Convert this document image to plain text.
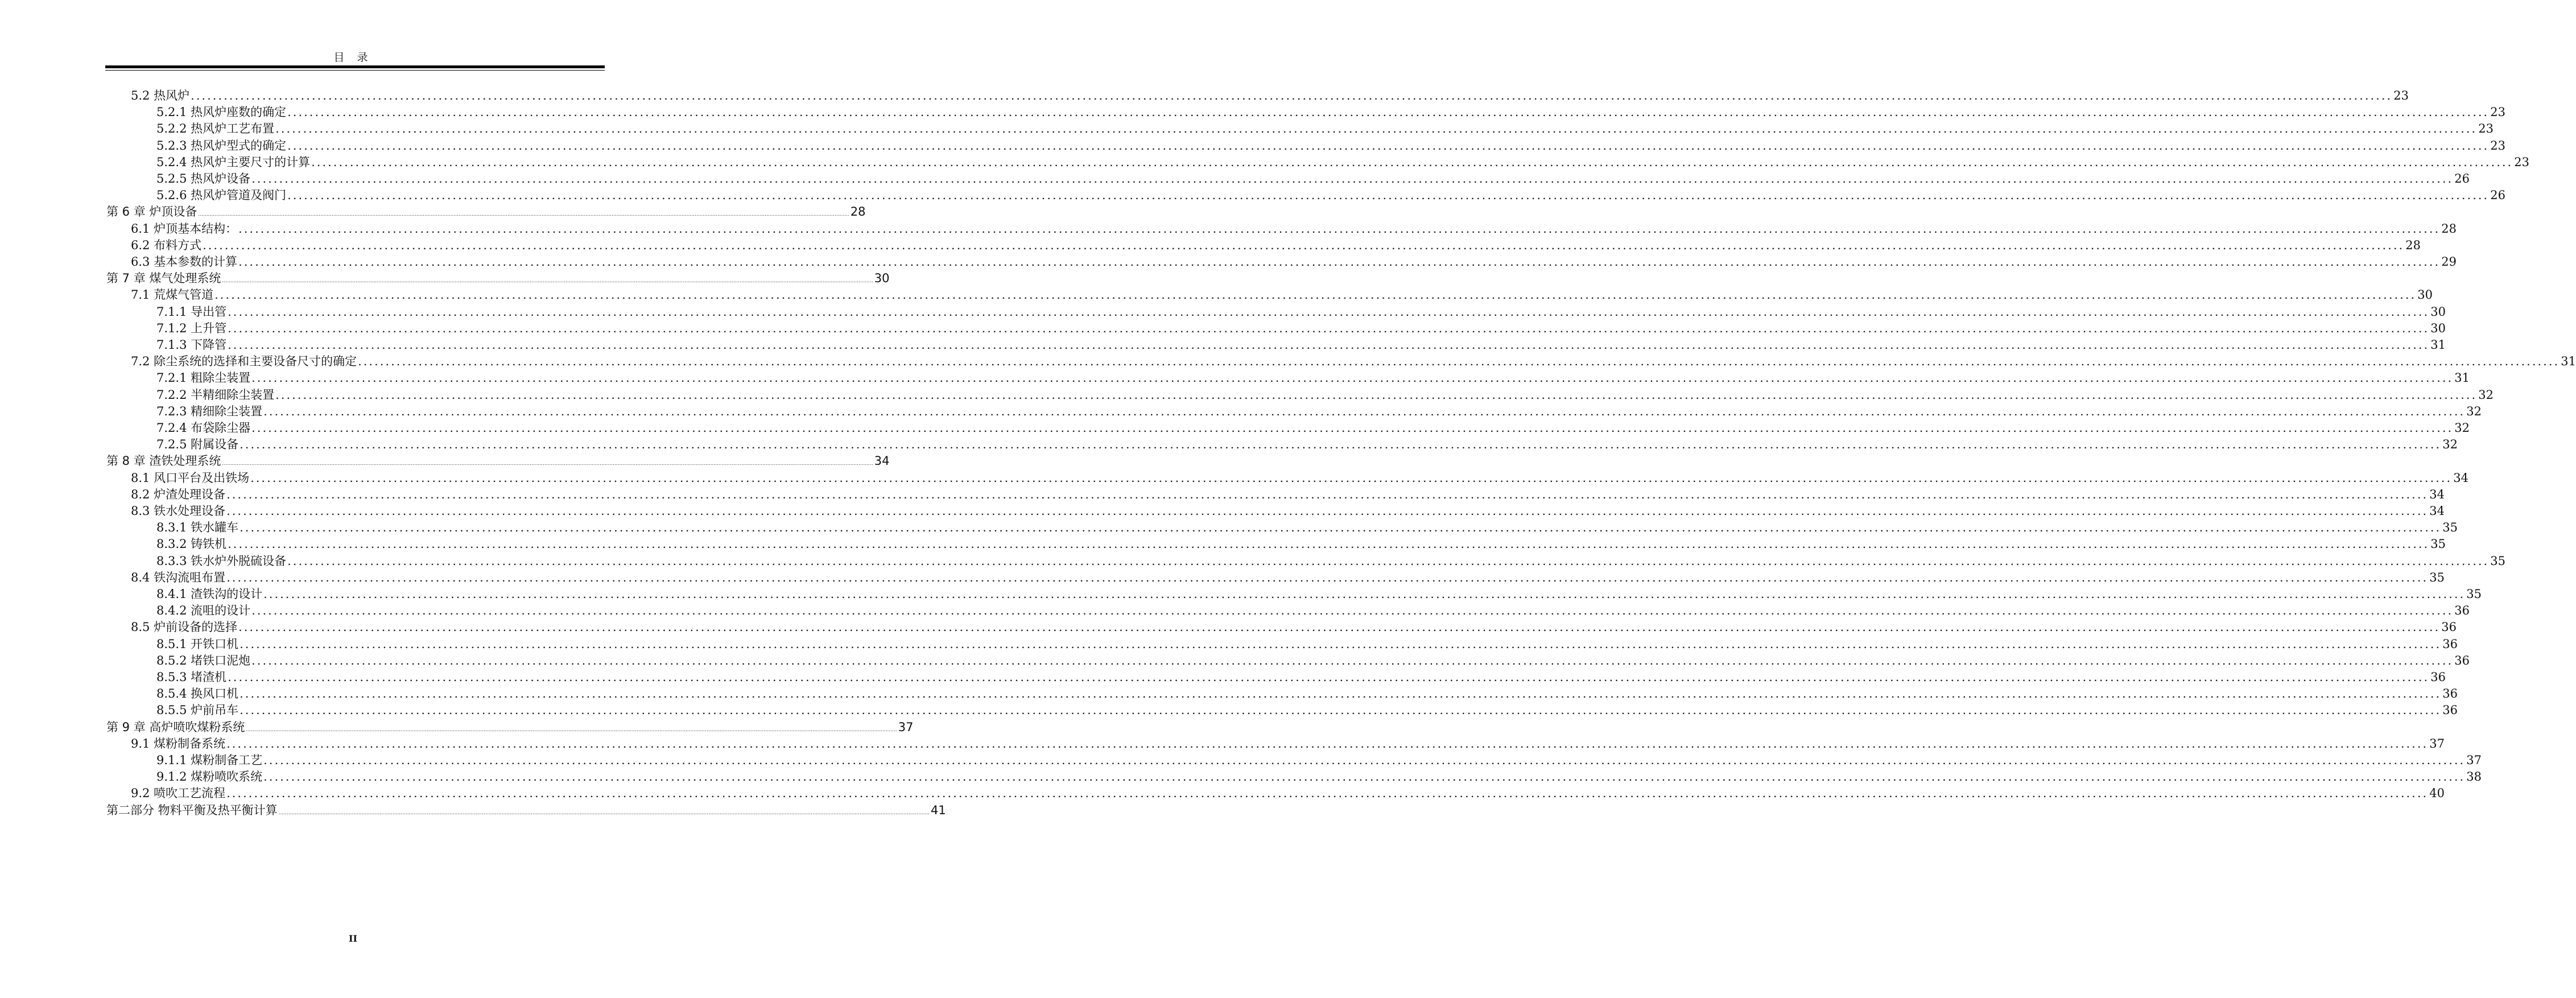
目 录
5.2 热风炉 ................................................................................................................................................................................................................................................................................................................................................................................................................ 23
5.2.1 热风炉座数的确定 ................................................................................................................................................................................................................................................................................................................................................................................................................ 23
5.2.2 热风炉工艺布置 ................................................................................................................................................................................................................................................................................................................................................................................................................ 23
5.2.3 热风炉型式的确定 ................................................................................................................................................................................................................................................................................................................................................................................................................ 23
5.2.4 热风炉主要尺寸的计算 ................................................................................................................................................................................................................................................................................................................................................................................................................ 23
5.2.5 热风炉设备 ................................................................................................................................................................................................................................................................................................................................................................................................................ 26
5.2.6 热风炉管道及阀门 ................................................................................................................................................................................................................................................................................................................................................................................................................ 26
第 6 章 炉顶设备 ................................................................................................................................................................................................................................................................................................................................................................................................................ 28
6.1 炉顶基本结构： ................................................................................................................................................................................................................................................................................................................................................................................................................ 28
6.2 布料方式 ................................................................................................................................................................................................................................................................................................................................................................................................................ 28
6.3 基本参数的计算 ................................................................................................................................................................................................................................................................................................................................................................................................................ 29
第 7 章 煤气处理系统 ................................................................................................................................................................................................................................................................................................................................................................................................................ 30
7.1 荒煤气管道 ................................................................................................................................................................................................................................................................................................................................................................................................................ 30
7.1.1 导出管 ................................................................................................................................................................................................................................................................................................................................................................................................................ 30
7.1.2 上升管 ................................................................................................................................................................................................................................................................................................................................................................................................................ 30
7.1.3 下降管 ................................................................................................................................................................................................................................................................................................................................................................................................................ 31
7.2 除尘系统的选择和主要设备尺寸的确定 ................................................................................................................................................................................................................................................................................................................................................................................................................ 31
7.2.1 粗除尘装置 ................................................................................................................................................................................................................................................................................................................................................................................................................ 31
7.2.2 半精细除尘装置 ................................................................................................................................................................................................................................................................................................................................................................................................................ 32
7.2.3 精细除尘装置 ................................................................................................................................................................................................................................................................................................................................................................................................................ 32
7.2.4 布袋除尘器 ................................................................................................................................................................................................................................................................................................................................................................................................................ 32
7.2.5 附属设备 ................................................................................................................................................................................................................................................................................................................................................................................................................ 32
第 8 章 渣铁处理系统 ................................................................................................................................................................................................................................................................................................................................................................................................................ 34
8.1 风口平台及出铁场 ................................................................................................................................................................................................................................................................................................................................................................................................................ 34
8.2 炉渣处理设备 ................................................................................................................................................................................................................................................................................................................................................................................................................ 34
8.3 铁水处理设备 ................................................................................................................................................................................................................................................................................................................................................................................................................ 34
8.3.1 铁水罐车 ................................................................................................................................................................................................................................................................................................................................................................................................................ 35
8.3.2 铸铁机 ................................................................................................................................................................................................................................................................................................................................................................................................................ 35
8.3.3 铁水炉外脱硫设备 ................................................................................................................................................................................................................................................................................................................................................................................................................ 35
8.4 铁沟流咀布置 ................................................................................................................................................................................................................................................................................................................................................................................................................ 35
8.4.1 渣铁沟的设计 ................................................................................................................................................................................................................................................................................................................................................................................................................ 35
8.4.2 流咀的设计 ................................................................................................................................................................................................................................................................................................................................................................................................................ 36
8.5 炉前设备的选择 ................................................................................................................................................................................................................................................................................................................................................................................................................ 36
8.5.1 开铁口机 ................................................................................................................................................................................................................................................................................................................................................................................................................ 36
8.5.2 堵铁口泥炮 ................................................................................................................................................................................................................................................................................................................................................................................................................ 36
8.5.3 堵渣机 ................................................................................................................................................................................................................................................................................................................................................................................................................ 36
8.5.4 换风口机 ................................................................................................................................................................................................................................................................................................................................................................................................................ 36
8.5.5 炉前吊车 ................................................................................................................................................................................................................................................................................................................................................................................................................ 36
第 9 章 高炉喷吹煤粉系统 ................................................................................................................................................................................................................................................................................................................................................................................................................ 37
9.1 煤粉制备系统 ................................................................................................................................................................................................................................................................................................................................................................................................................ 37
9.1.1 煤粉制备工艺 ................................................................................................................................................................................................................................................................................................................................................................................................................ 37
9.1.2 煤粉喷吹系统 ................................................................................................................................................................................................................................................................................................................................................................................................................ 38
9.2 喷吹工艺流程 ................................................................................................................................................................................................................................................................................................................................................................................................................ 40
第二部分 物料平衡及热平衡计算 ................................................................................................................................................................................................................................................................................................................................................................................................................ 41
II
